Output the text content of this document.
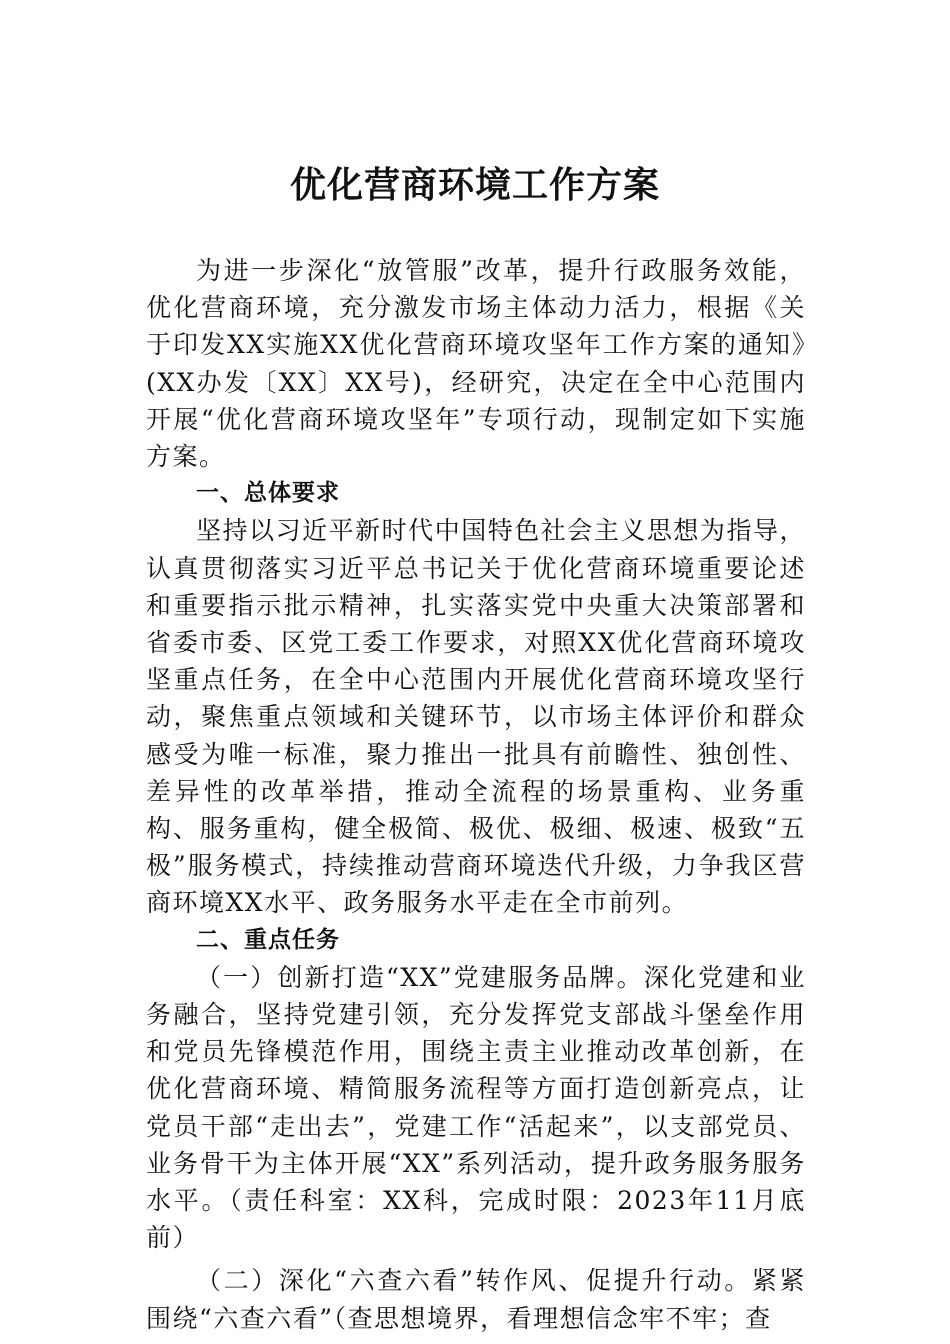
优化营商环境工作方案

为进一步深化“放管服”改革，提升行政服务效能，优化营商环境，充分激发市场主体动力活力，根据《关于印发XX实施XX优化营商环境攻坚年工作方案的通知》(XX办发〔XX〕XX号)，经研究，决定在全中心范围内开展“优化营商环境攻坚年”专项行动，现制定如下实施方案。

一、总体要求

坚持以习近平新时代中国特色社会主义思想为指导，认真贯彻落实习近平总书记关于优化营商环境重要论述和重要指示批示精神，扎实落实党中央重大决策部署和省委市委、区党工委工作要求，对照XX优化营商环境攻坚重点任务，在全中心范围内开展优化营商环境攻坚行动，聚焦重点领域和关键环节，以市场主体评价和群众感受为唯一标准，聚力推出一批具有前瞻性、独创性、差异性的改革举措，推动全流程的场景重构、业务重构、服务重构，健全极简、极优、极细、极速、极致“五极”服务模式，持续推动营商环境迭代升级，力争我区营商环境XX水平、政务服务水平走在全市前列。

二、重点任务

（一）创新打造“XX”党建服务品牌。深化党建和业务融合，坚持党建引领，充分发挥党支部战斗堡垒作用和党员先锋模范作用，围绕主责主业推动改革创新，在优化营商环境、精简服务流程等方面打造创新亮点，让党员干部“走出去”，党建工作“活起来”，以支部党员、业务骨干为主体开展“XX”系列活动，提升政务服务服务水平。（责任科室：XX科，完成时限：2023年11月底前）

（二）深化“六查六看”转作风、促提升行动。紧紧围绕“六查六看”（查思想境界，看理想信念牢不牢；查
